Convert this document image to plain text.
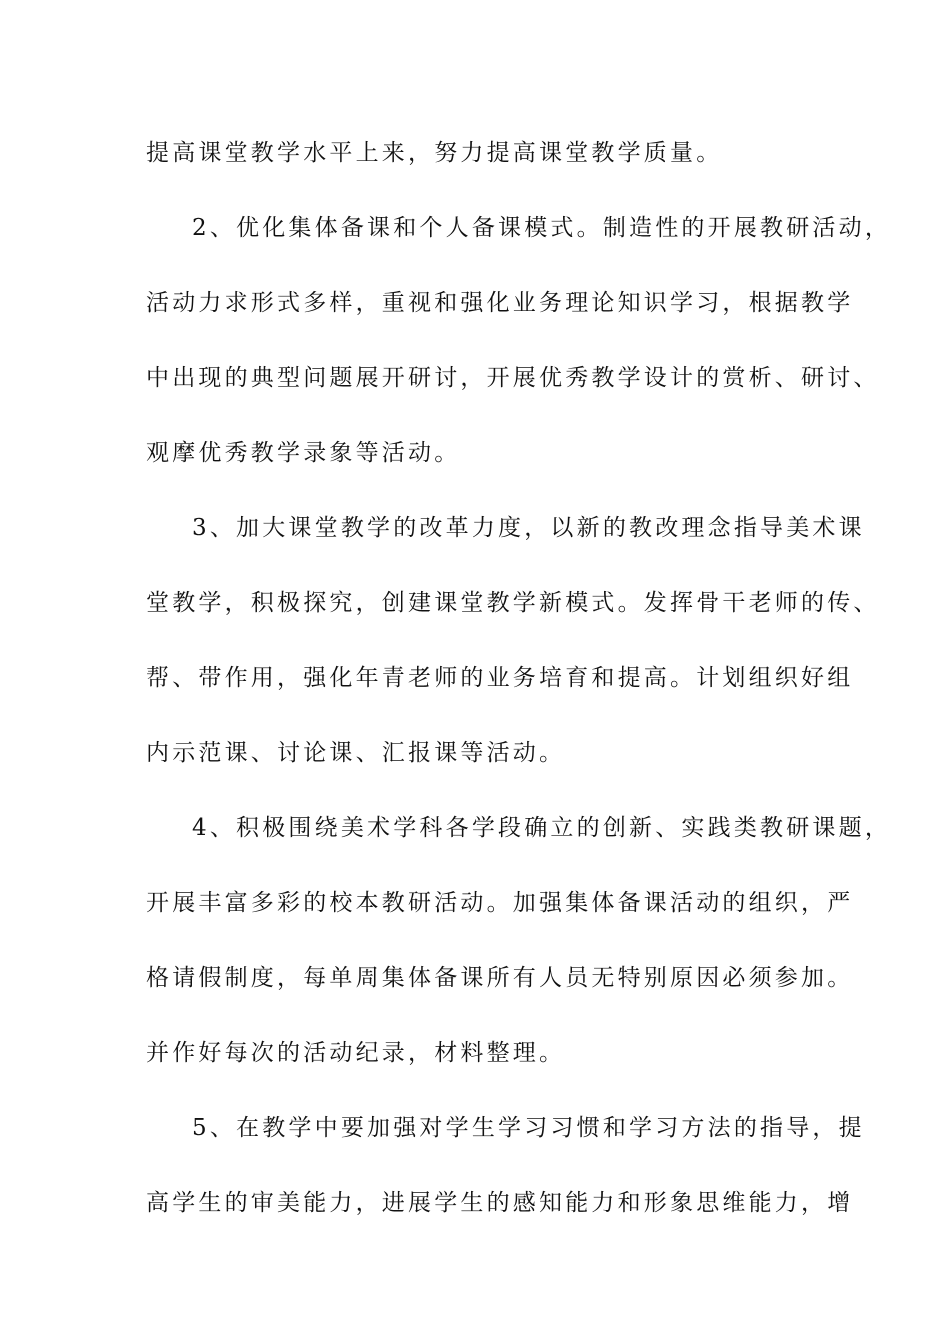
提高课堂教学水平上来，努力提高课堂教学质量。
2、优化集体备课和个人备课模式。制造性的开展教研活动，
活动力求形式多样，重视和强化业务理论知识学习，根据教学
中出现的典型问题展开研讨，开展优秀教学设计的赏析、研讨、
观摩优秀教学录象等活动。
3、加大课堂教学的改革力度，以新的教改理念指导美术课
堂教学，积极探究，创建课堂教学新模式。发挥骨干老师的传、
帮、带作用，强化年青老师的业务培育和提高。计划组织好组
内示范课、讨论课、汇报课等活动。
4、积极围绕美术学科各学段确立的创新、实践类教研课题，
开展丰富多彩的校本教研活动。加强集体备课活动的组织，严
格请假制度，每单周集体备课所有人员无特别原因必须参加。
并作好每次的活动纪录，材料整理。
5、在教学中要加强对学生学习习惯和学习方法的指导，提
高学生的审美能力，进展学生的感知能力和形象思维能力，增
